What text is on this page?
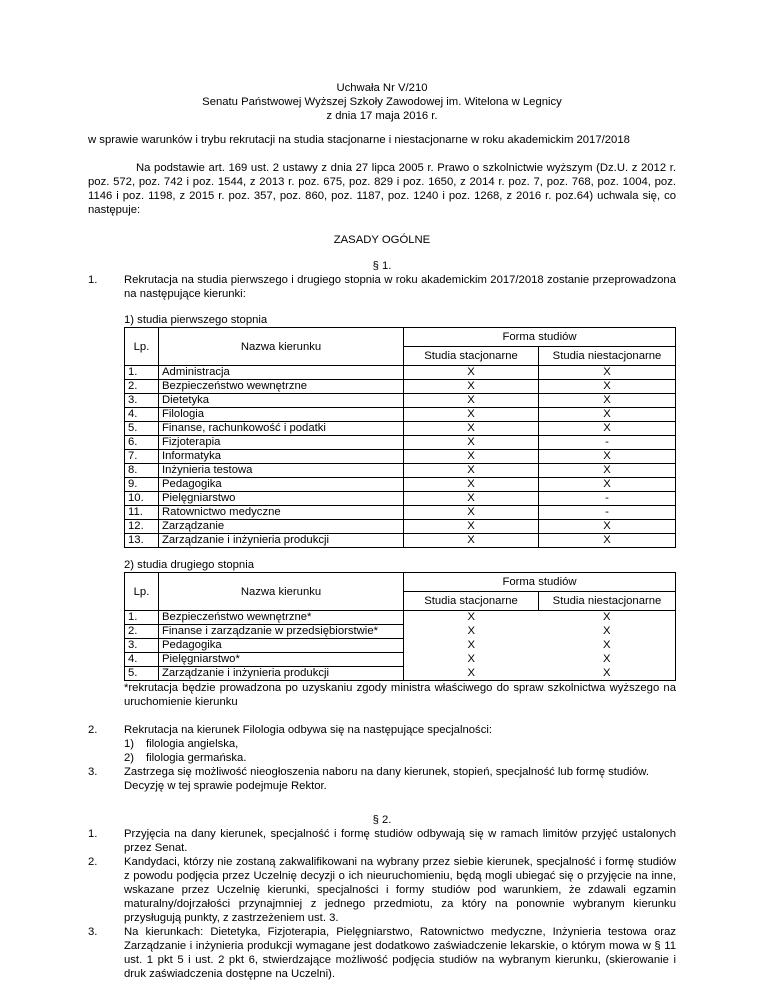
Uchwała Nr V/210
Senatu Państwowej Wyższej Szkoły Zawodowej im. Witelona w Legnicy
z dnia 17 maja 2016 r.
w sprawie warunków i trybu rekrutacji na studia stacjonarne i niestacjonarne w roku akademickim 2017/2018
Na podstawie art. 169 ust. 2 ustawy z dnia 27 lipca 2005 r. Prawo o szkolnictwie wyższym (Dz.U. z 2012 r. poz. 572, poz. 742 i poz. 1544, z 2013 r. poz. 675, poz. 829 i poz. 1650, z 2014 r. poz. 7, poz. 768, poz. 1004, poz. 1146 i poz. 1198, z 2015 r. poz. 357, poz. 860, poz. 1187, poz. 1240 i poz. 1268, z 2016 r. poz.64) uchwala się, co następuje:
ZASADY OGÓLNE
§ 1.
1.	Rekrutacja na studia pierwszego i drugiego stopnia w roku akademickim 2017/2018 zostanie przeprowadzona na następujące kierunki:
1) studia pierwszego stopnia
Lp.	Nazwa kierunku	Forma studiów	
		Studia stacjonarne	Studia niestacjonarne
1.	Administracja	X	X
2.	Bezpieczeństwo wewnętrzne	X	X
3.	Dietetyka	X	X
4.	Filologia	X	X
5.	Finanse, rachunkowość i podatki	X	X
6.	Fizjoterapia	X	-
7.	Informatyka	X	X
8.	Inżynieria testowa	X	X
9.	Pedagogika	X	X
10.	Pielęgniarstwo	X	-
11.	Ratownictwo medyczne	X	-
12.	Zarządzanie	X	X
13.	Zarządzanie i inżynieria produkcji	X	X
2) studia drugiego stopnia
Lp.	Nazwa kierunku	Forma studiów	
		Studia stacjonarne	Studia niestacjonarne
1.	Bezpieczeństwo wewnętrzne*	X	X
2.	Finanse i zarządzanie w przedsiębiorstwie*	X	X
3.	Pedagogika	X	X
4.	Pielęgniarstwo*	X	X
5.	Zarządzanie i inżynieria produkcji	X	X
*rekrutacja będzie prowadzona po uzyskaniu zgody ministra właściwego do spraw szkolnictwa wyższego na uruchomienie kierunku
2.	Rekrutacja na kierunek Filologia odbywa się na następujące specjalności:
1)	filologia angielska,
2)	filologia germańska.
3.	Zastrzega się możliwość nieogłoszenia naboru na dany kierunek, stopień, specjalność lub formę studiów. Decyzję w tej sprawie podejmuje Rektor.
§ 2.
1.	Przyjęcia na dany kierunek, specjalność i formę studiów odbywają się w ramach limitów przyjęć ustalonych przez Senat.
2.	Kandydaci, którzy nie zostaną zakwalifikowani na wybrany przez siebie kierunek, specjalność i formę studiów z powodu podjęcia przez Uczelnię decyzji o ich nieuruchomieniu, będą mogli ubiegać się o przyjęcie na inne, wskazane przez Uczelnię kierunki, specjalności i formy studiów pod warunkiem, że zdawali egzamin maturalny/dojrzałości przynajmniej z jednego przedmiotu, za który na ponownie wybranym kierunku przysługują punkty, z zastrzeżeniem ust. 3.
3.	Na kierunkach: Dietetyka, Fizjoterapia, Pielęgniarstwo, Ratownictwo medyczne, Inżynieria testowa oraz Zarządzanie i inżynieria produkcji wymagane jest dodatkowo zaświadczenie lekarskie, o którym mowa w § 11 ust. 1 pkt 5 i ust. 2 pkt 6, stwierdzające możliwość podjęcia studiów na wybranym kierunku, (skierowanie i druk zaświadczenia dostępne na Uczelni).
